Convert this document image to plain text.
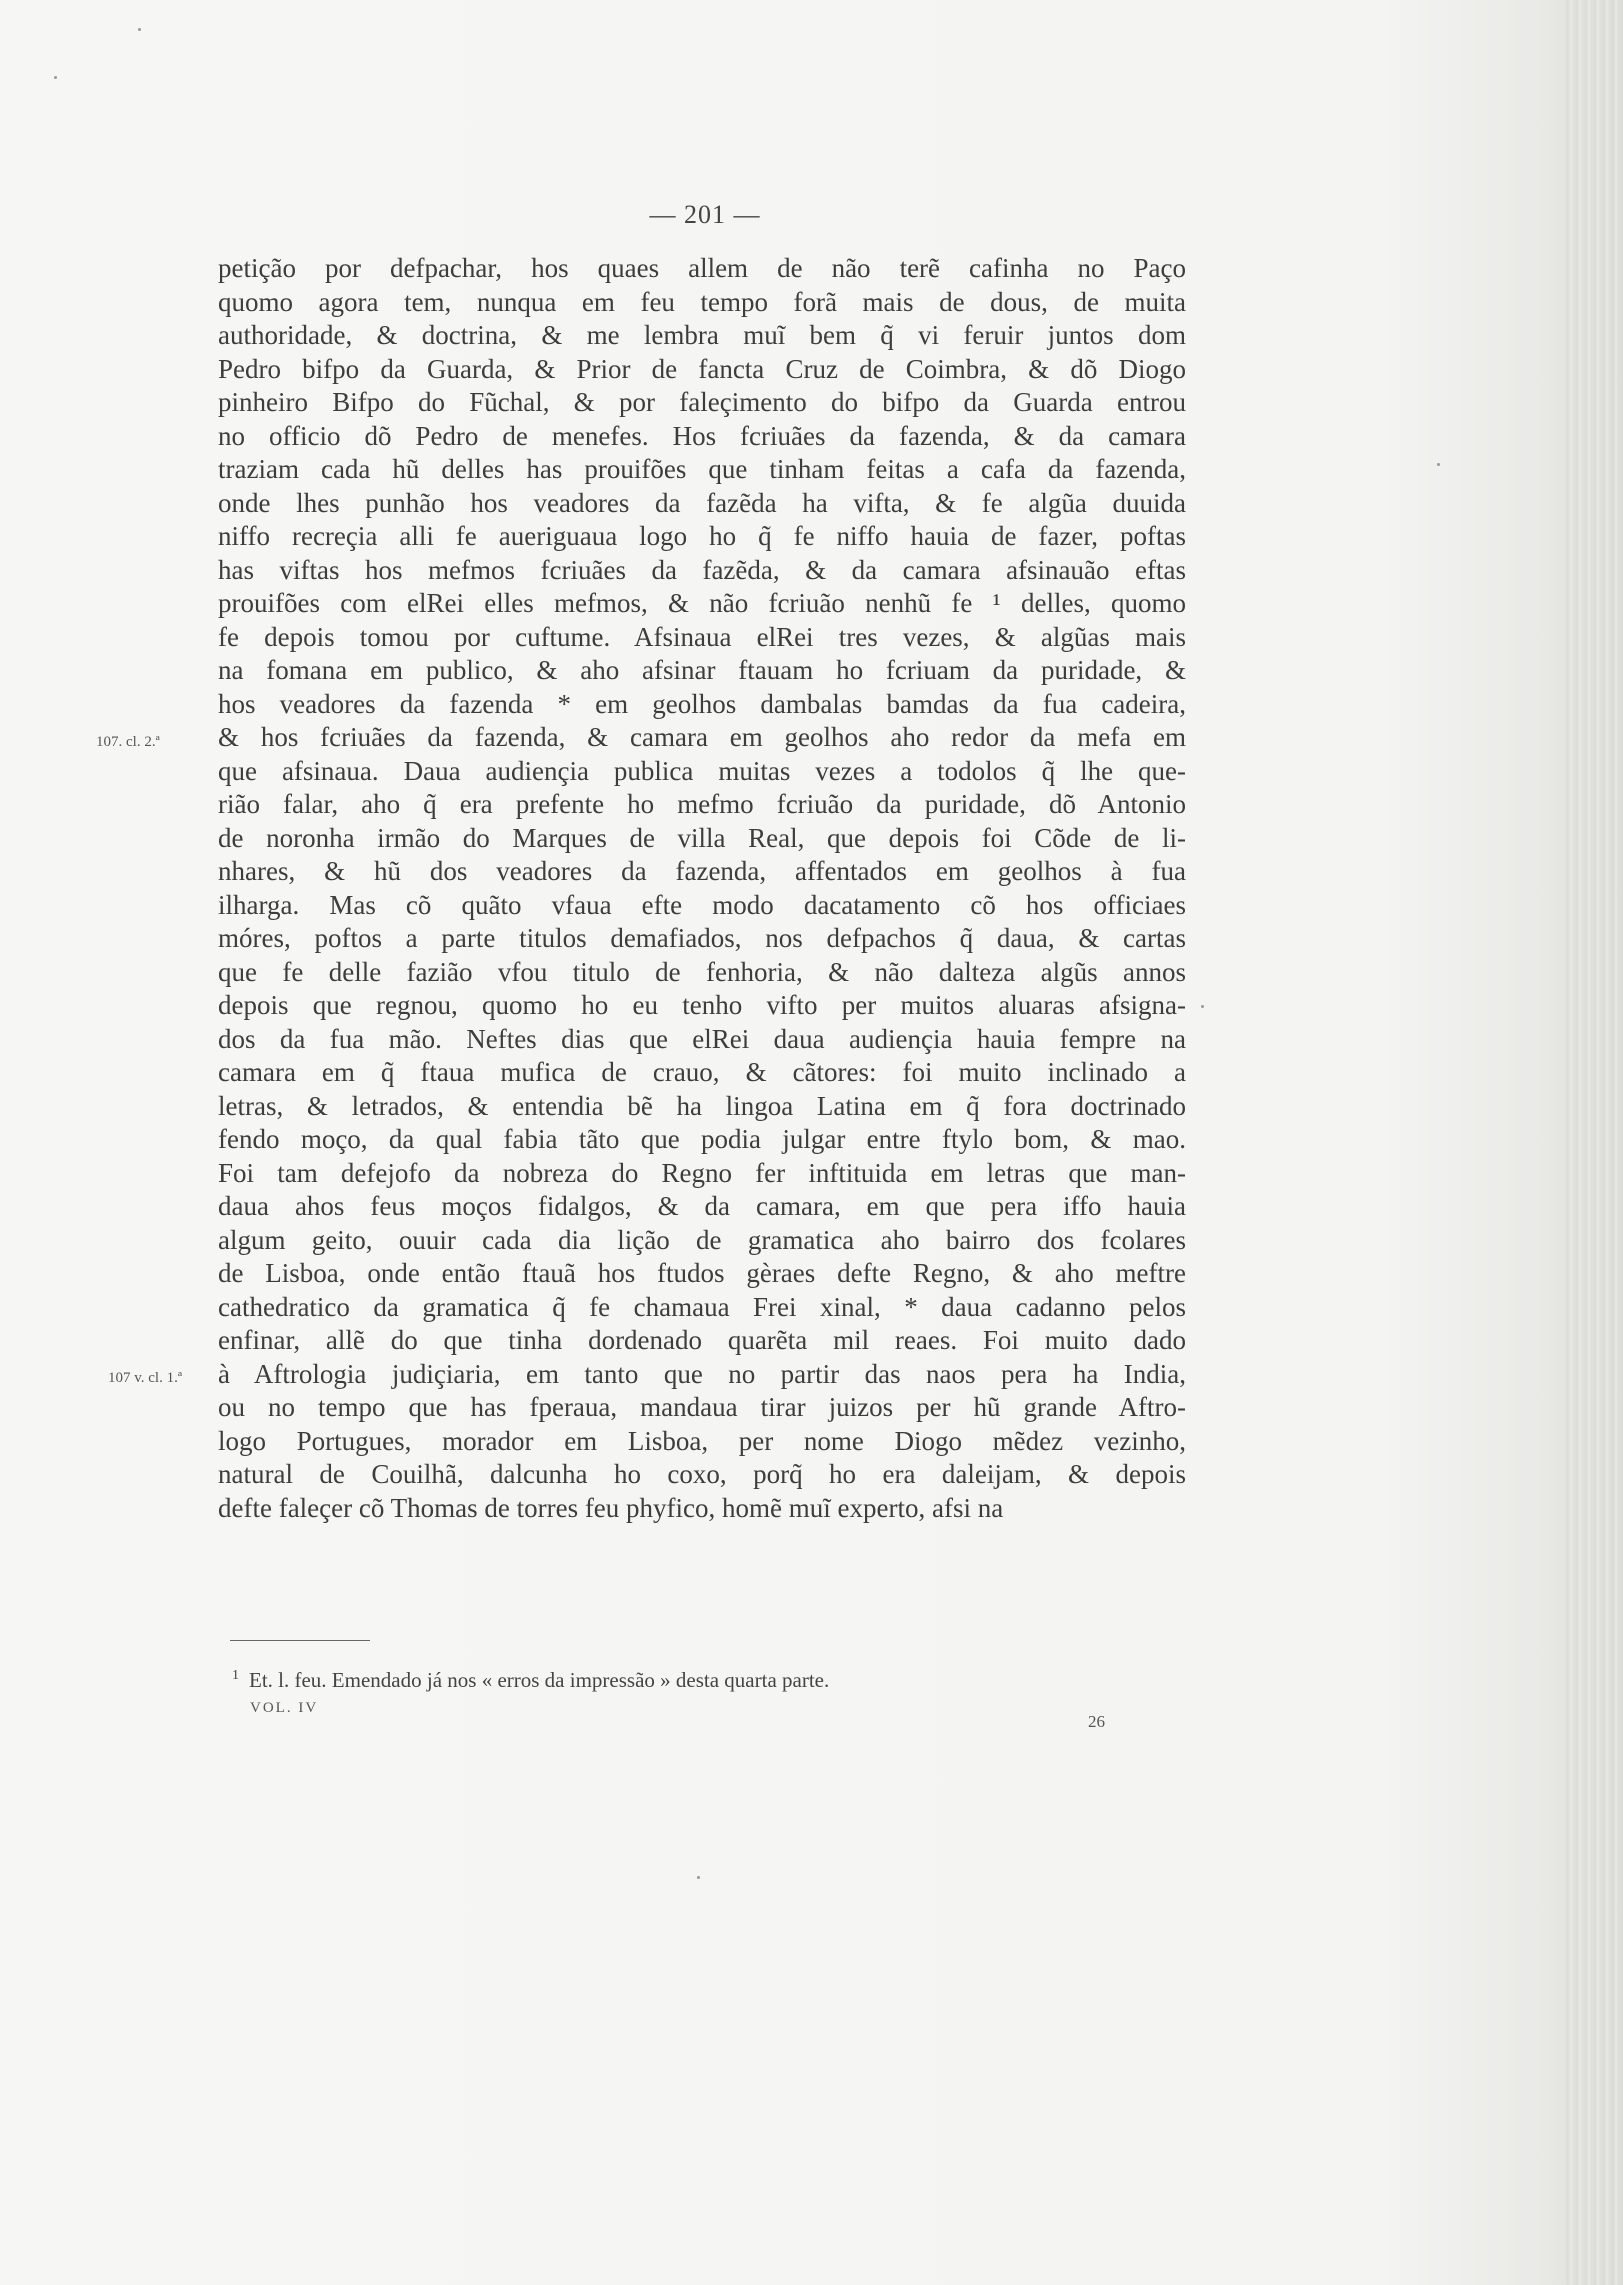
— 201 —
petição por defpachar, hos quaes allem de não terẽ cafinha no Paço
quomo agora tem, nunqua em feu tempo forã mais de dous, de muita
authoridade, & doctrina, & me lembra muĩ bem q̃ vi feruir juntos dom
Pedro bifpo da Guarda, & Prior de fancta Cruz de Coimbra, & dõ Diogo
pinheiro Bifpo do Fũchal, & por faleçimento do bifpo da Guarda entrou
no officio dõ Pedro de menefes. Hos fcriuães da fazenda, & da camara
traziam cada hũ delles has prouifões que tinham feitas a cafa da fazenda,
onde lhes punhão hos veadores da fazẽda ha vifta, & fe algũa duuida
niffo recreçia alli fe aueriguaua logo ho q̃ fe niffo hauia de fazer, poftas
has viftas hos mefmos fcriuães da fazẽda, & da camara afsinauão eftas
prouifões com elRei elles mefmos, & não fcriuão nenhũ fe ¹ delles, quomo
fe depois tomou por cuftume. Afsinaua elRei tres vezes, & algũas mais
na fomana em publico, & aho afsinar ftauam ho fcriuam da puridade, &
hos veadores da fazenda * em geolhos dambalas bamdas da fua cadeira,
& hos fcriuães da fazenda, & camara em geolhos aho redor da mefa em
que afsinaua. Daua audiençia publica muitas vezes a todolos q̃ lhe que-
rião falar, aho q̃ era prefente ho mefmo fcriuão da puridade, dõ Antonio
de noronha irmão do Marques de villa Real, que depois foi Cõde de li-
nhares, & hũ dos veadores da fazenda, affentados em geolhos à fua
ilharga. Mas cõ quãto vfaua efte modo dacatamento cõ hos officiaes
móres, poftos a parte titulos demafiados, nos defpachos q̃ daua, & cartas
que fe delle fazião vfou titulo de fenhoria, & não dalteza algũs annos
depois que regnou, quomo ho eu tenho vifto per muitos aluaras afsigna-
dos da fua mão. Neftes dias que elRei daua audiençia hauia fempre na
camara em q̃ ftaua mufica de crauo, & cãtores: foi muito inclinado a
letras, & letrados, & entendia bẽ ha lingoa Latina em q̃ fora doctrinado
fendo moço, da qual fabia tãto que podia julgar entre ftylo bom, & mao.
Foi tam defejofo da nobreza do Regno fer inftituida em letras que man-
daua ahos feus moços fidalgos, & da camara, em que pera iffo hauia
algum geito, ouuir cada dia lição de gramatica aho bairro dos fcolares
de Lisboa, onde então ftauã hos ftudos gèraes defte Regno, & aho meftre
cathedratico da gramatica q̃ fe chamaua Frei xinal, * daua cadanno pelos
enfinar, allẽ do que tinha dordenado quarẽta mil reaes. Foi muito dado
à Aftrologia judiçiaria, em tanto que no partir das naos pera ha India,
ou no tempo que has fperaua, mandaua tirar juizos per hũ grande Aftro-
logo Portugues, morador em Lisboa, per nome Diogo mẽdez vezinho,
natural de Couilhã, dalcunha ho coxo, porq̃ ho era daleijam, & depois
defte faleçer cõ Thomas de torres feu phyfico, homẽ muĩ experto, afsi na
107. cl. 2.ª
107 v. cl. 1.ª
$^1$ Et. l. feu. Emendado já nos « erros da impressão » desta quarta parte.
VOL. IV
26
